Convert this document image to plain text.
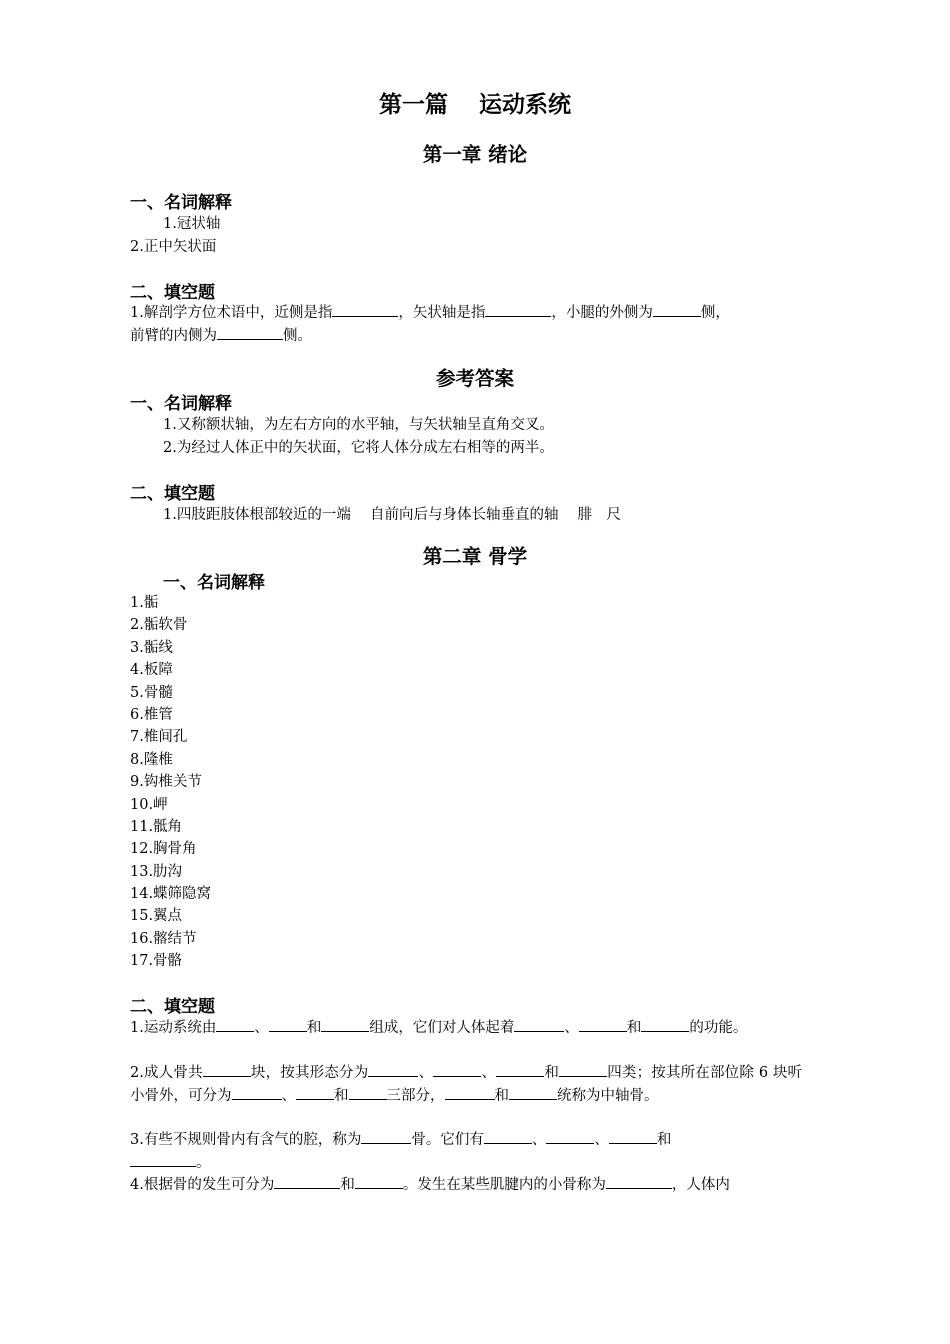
第一篇　 运动系统
第一章 绪论
一、名词解释
1.冠状轴
2.正中矢状面
二、填空题
1.解剖学方位术语中，近侧是指	，矢状轴是指	，小腿的外侧为	侧，
前臂的内侧为	侧。
参考答案
一、名词解释
1.又称额状轴，为左右方向的水平轴，与矢状轴呈直角交叉。
2.为经过人体正中的矢状面，它将人体分成左右相等的两半。
二、填空题
1.四肢距肢体根部较近的一端　 自前向后与身体长轴垂直的轴　 腓　尺
第二章 骨学
一、名词解释
1.骺
2.骺软骨
3.骺线
4.板障
5.骨髓
6.椎管
7.椎间孔
8.隆椎
9.钩椎关节
10.岬
11.骶角
12.胸骨角
13.肋沟
14.蝶筛隐窝
15.翼点
16.髂结节
17.骨骼
二、填空题
1.运动系统由	、	和	组成，它们对人体起着	、	和	的功能。
2.成人骨共	块，按其形态分为	、	、	和	四类；按其所在部位除 6 块听小骨外，可分为	、	和	三部分，	和	统称为中轴骨。
3.有些不规则骨内有含气的腔，称为	骨。它们有	、	、	和
。
4.根据骨的发生可分为	和	。发生在某些肌腱内的小骨称为	，人体内
